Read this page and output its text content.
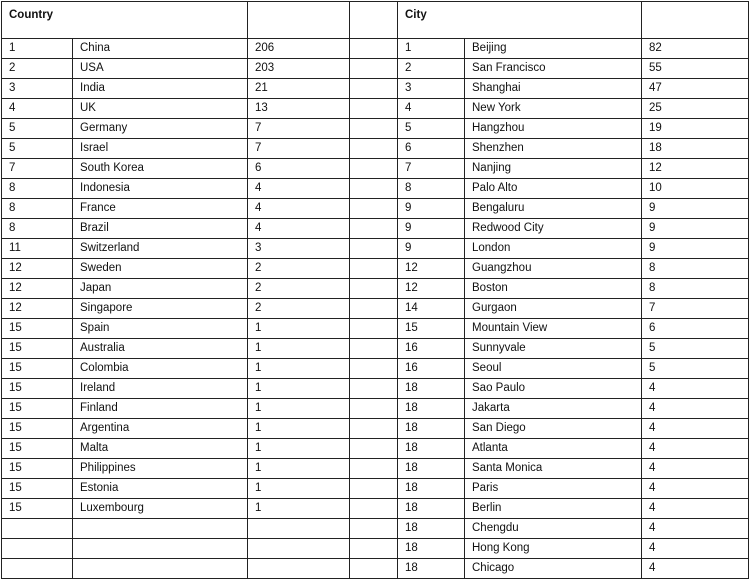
Country				City		
1	China	206		1	Beijing	82
2	USA	203		2	San Francisco	55
3	India	21		3	Shanghai	47
4	UK	13		4	New York	25
5	Germany	7		5	Hangzhou	19
5	Israel	7		6	Shenzhen	18
7	South Korea	6		7	Nanjing	12
8	Indonesia	4		8	Palo Alto	10
8	France	4		9	Bengaluru	9
8	Brazil	4		9	Redwood City	9
11	Switzerland	3		9	London	9
12	Sweden	2		12	Guangzhou	8
12	Japan	2		12	Boston	8
12	Singapore	2		14	Gurgaon	7
15	Spain	1		15	Mountain View	6
15	Australia	1		16	Sunnyvale	5
15	Colombia	1		16	Seoul	5
15	Ireland	1		18	Sao Paulo	4
15	Finland	1		18	Jakarta	4
15	Argentina	1		18	San Diego	4
15	Malta	1		18	Atlanta	4
15	Philippines	1		18	Santa Monica	4
15	Estonia	1		18	Paris	4
15	Luxembourg	1		18	Berlin	4
				18	Chengdu	4
				18	Hong Kong	4
				18	Chicago	4
